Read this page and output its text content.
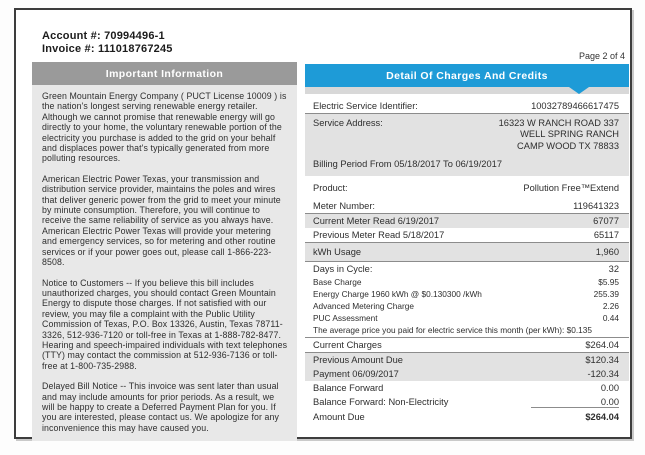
Account #: 70994496-1
Invoice #: 111018767245
Important Information

Green Mountain Energy Company ( PUCT License 10009 ) is the nation's longest serving renewable energy retailer. Although we cannot promise that renewable energy will go directly to your home, the voluntary renewable portion of the electricity you purchase is added to the grid on your behalf and displaces power that's typically generated from more polluting resources.

American Electric Power Texas, your transmission and distribution service provider, maintains the poles and wires that deliver generic power from the grid to meet your minute by minute consumption. Therefore, you will continue to receive the same reliability of service as you always have. American Electric Power Texas will provide your metering and emergency services, so for metering and other routine services or if your power goes out, please call 1-866-223-8508.

Notice to Customers -- If you believe this bill includes unauthorized charges, you should contact Green Mountain Energy to dispute those charges. If not satisfied with our review, you may file a complaint with the Public Utility Commission of Texas, P.O. Box 13326, Austin, Texas 78711-3326, 512-936-7120 or toll-free in Texas at 1-888-782-8477. Hearing and speech-impaired individuals with text telephones (TTY) may contact the commission at 512-936-7136 or toll-free at 1-800-735-2988.

Delayed Bill Notice -- This invoice was sent later than usual and may include amounts for prior periods. As a result, we will be happy to create a Deferred Payment Plan for you. If you are interested, please contact us. We apologize for any inconvenience this may have caused you.

Page 2 of 4
Detail Of Charges And Credits
Electric Service Identifier:	10032789466617475
Service Address:	16323 W RANCH ROAD 337
WELL SPRING RANCH
CAMP WOOD TX 78833
Billing Period From 05/18/2017 To 06/19/2017
Product:	Pollution Free™Extend
Meter Number:	119641323
Current Meter Read 6/19/2017	67077
Previous Meter Read 5/18/2017	65117
kWh Usage	1,960
Days in Cycle:	32
Base Charge	$5.95
Energy Charge 1960 kWh @ $0.130300 /kWh	255.39
Advanced Metering Charge	2.26
PUC Assessment	0.44
The average price you paid for electric service this month (per kWh): $0.135
Current Charges	$264.04
Previous Amount Due	$120.34
Payment 06/09/2017	-120.34
Balance Forward	0.00
Balance Forward: Non-Electricity	0.00
Amount Due	$264.04
